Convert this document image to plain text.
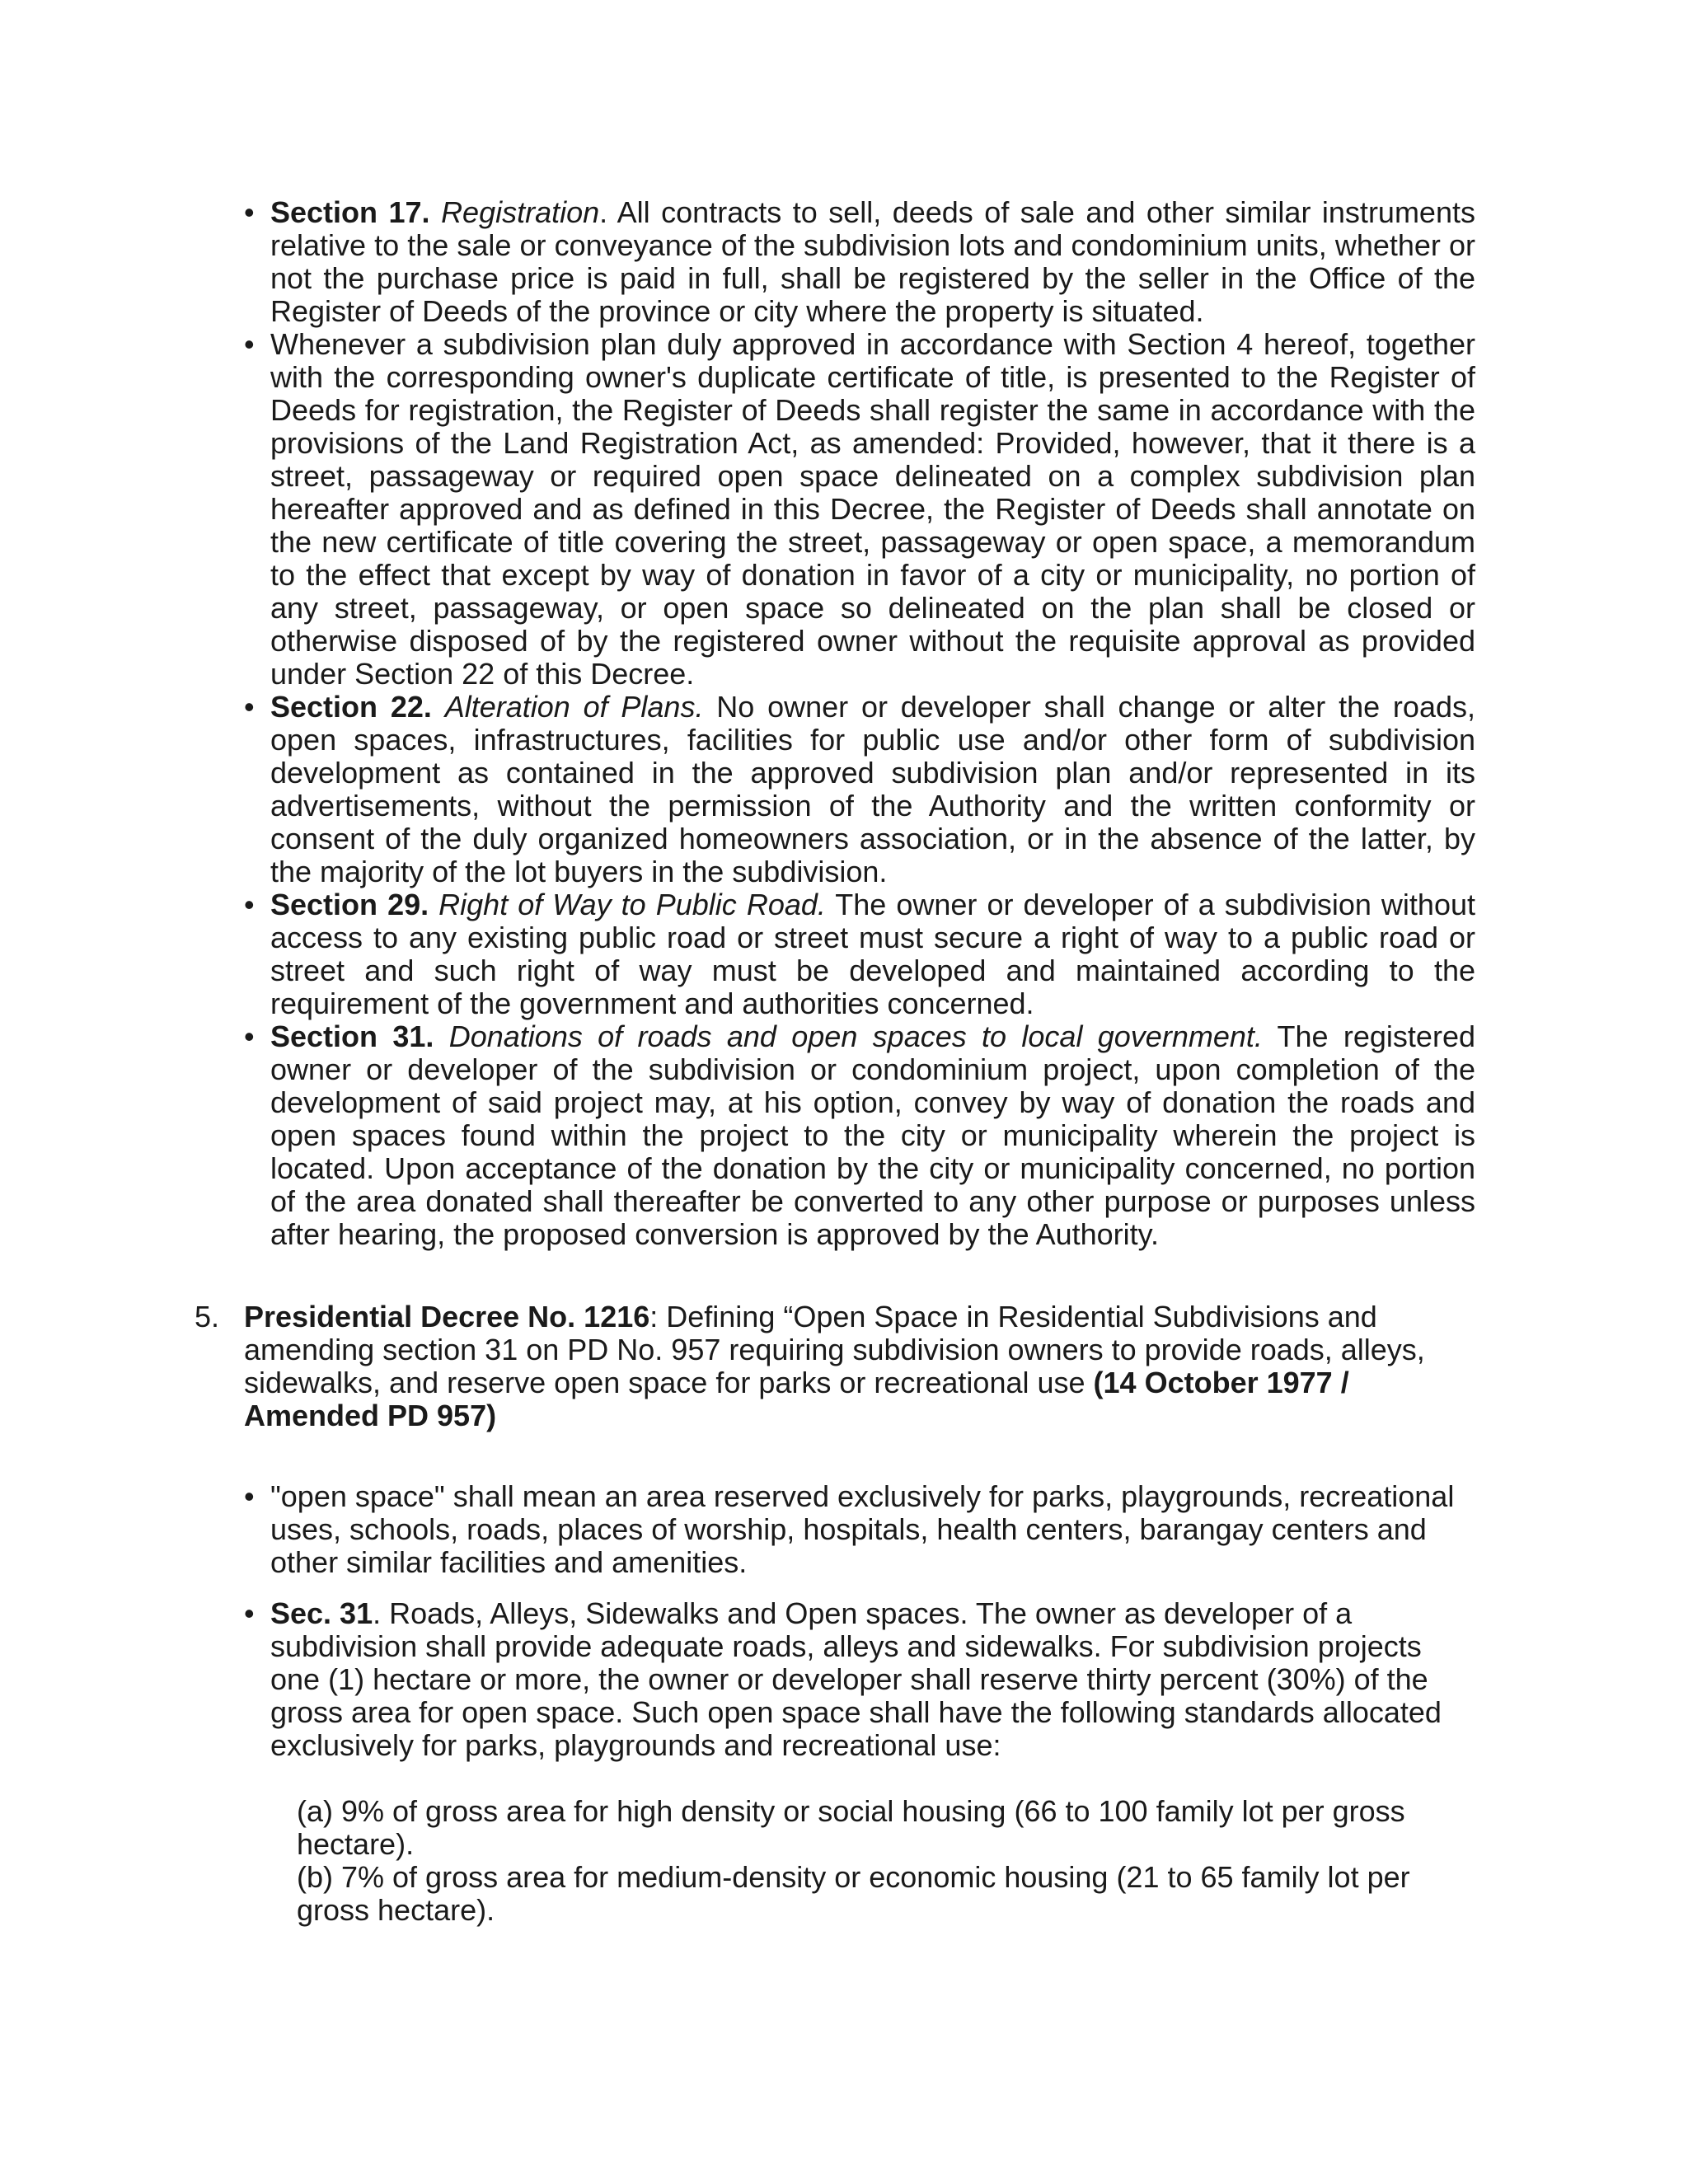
• Section 17. Registration. All contracts to sell, deeds of sale and other similar instruments relative to the sale or conveyance of the subdivision lots and condominium units, whether or not the purchase price is paid in full, shall be registered by the seller in the Office of the Register of Deeds of the province or city where the property is situated.
• Whenever a subdivision plan duly approved in accordance with Section 4 hereof, together with the corresponding owner's duplicate certificate of title, is presented to the Register of Deeds for registration, the Register of Deeds shall register the same in accordance with the provisions of the Land Registration Act, as amended: Provided, however, that it there is a street, passageway or required open space delineated on a complex subdivision plan hereafter approved and as defined in this Decree, the Register of Deeds shall annotate on the new certificate of title covering the street, passageway or open space, a memorandum to the effect that except by way of donation in favor of a city or municipality, no portion of any street, passageway, or open space so delineated on the plan shall be closed or otherwise disposed of by the registered owner without the requisite approval as provided under Section 22 of this Decree.
• Section 22. Alteration of Plans. No owner or developer shall change or alter the roads, open spaces, infrastructures, facilities for public use and/or other form of subdivision development as contained in the approved subdivision plan and/or represented in its advertisements, without the permission of the Authority and the written conformity or consent of the duly organized homeowners association, or in the absence of the latter, by the majority of the lot buyers in the subdivision.
• Section 29. Right of Way to Public Road. The owner or developer of a subdivision without access to any existing public road or street must secure a right of way to a public road or street and such right of way must be developed and maintained according to the requirement of the government and authorities concerned.
• Section 31. Donations of roads and open spaces to local government. The registered owner or developer of the subdivision or condominium project, upon completion of the development of said project may, at his option, convey by way of donation the roads and open spaces found within the project to the city or municipality wherein the project is located. Upon acceptance of the donation by the city or municipality concerned, no portion of the area donated shall thereafter be converted to any other purpose or purposes unless after hearing, the proposed conversion is approved by the Authority.
5. Presidential Decree No. 1216: Defining “Open Space in Residential Subdivisions and amending section 31 on PD No. 957 requiring subdivision owners to provide roads, alleys, sidewalks, and reserve open space for parks or recreational use (14 October 1977 / Amended PD 957)
• "open space" shall mean an area reserved exclusively for parks, playgrounds, recreational uses, schools, roads, places of worship, hospitals, health centers, barangay centers and other similar facilities and amenities.
• Sec. 31. Roads, Alleys, Sidewalks and Open spaces. The owner as developer of a subdivision shall provide adequate roads, alleys and sidewalks. For subdivision projects one (1) hectare or more, the owner or developer shall reserve thirty percent (30%) of the gross area for open space. Such open space shall have the following standards allocated exclusively for parks, playgrounds and recreational use:
(a) 9% of gross area for high density or social housing (66 to 100 family lot per gross hectare).
(b) 7% of gross area for medium-density or economic housing (21 to 65 family lot per gross hectare).
